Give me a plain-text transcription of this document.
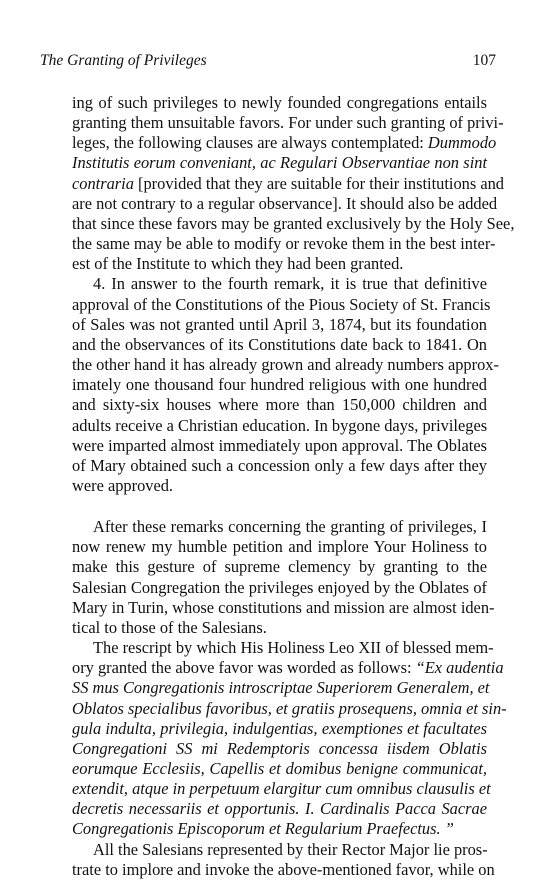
The Granting of Privileges	107

ing of such privileges to newly founded congregations entails
granting them unsuitable favors. For under such granting of privi-
leges, the following clauses are always contemplated: Dummodo
Institutis eorum conveniant, ac Regulari Observantiae non sint
contraria [provided that they are suitable for their institutions and
are not contrary to a regular observance]. It should also be added
that since these favors may be granted exclusively by the Holy See,
the same may be able to modify or revoke them in the best inter-
est of the Institute to which they had been granted.

4. In answer to the fourth remark, it is true that definitive
approval of the Constitutions of the Pious Society of St. Francis
of Sales was not granted until April 3, 1874, but its foundation
and the observances of its Constitutions date back to 1841. On
the other hand it has already grown and already numbers approx-
imately one thousand four hundred religious with one hundred
and sixty-six houses where more than 150,000 children and
adults receive a Christian education. In bygone days, privileges
were imparted almost immediately upon approval. The Oblates
of Mary obtained such a concession only a few days after they
were approved.

After these remarks concerning the granting of privileges, I
now renew my humble petition and implore Your Holiness to
make this gesture of supreme clemency by granting to the
Salesian Congregation the privileges enjoyed by the Oblates of
Mary in Turin, whose constitutions and mission are almost iden-
tical to those of the Salesians.

The rescript by which His Holiness Leo XII of blessed mem-
ory granted the above favor was worded as follows: “Ex audentia
SS mus Congregationis introscriptae Superiorem Generalem, et
Oblatos specialibus favoribus, et gratiis prosequens, omnia et sin-
gula indulta, privilegia, indulgentias, exemptiones et facultates
Congregationi SS mi Redemptoris concessa iisdem Oblatis
eorumque Ecclesiis, Capellis et domibus benigne communicat,
extendit, atque in perpetuum elargitur cum omnibus clausulis et
decretis necessariis et opportunis. I. Cardinalis Pacca Sacrae
Congregationis Episcoporum et Regularium Praefectus. ”

All the Salesians represented by their Rector Major lie pros-
trate to implore and invoke the above-mentioned favor, while on
